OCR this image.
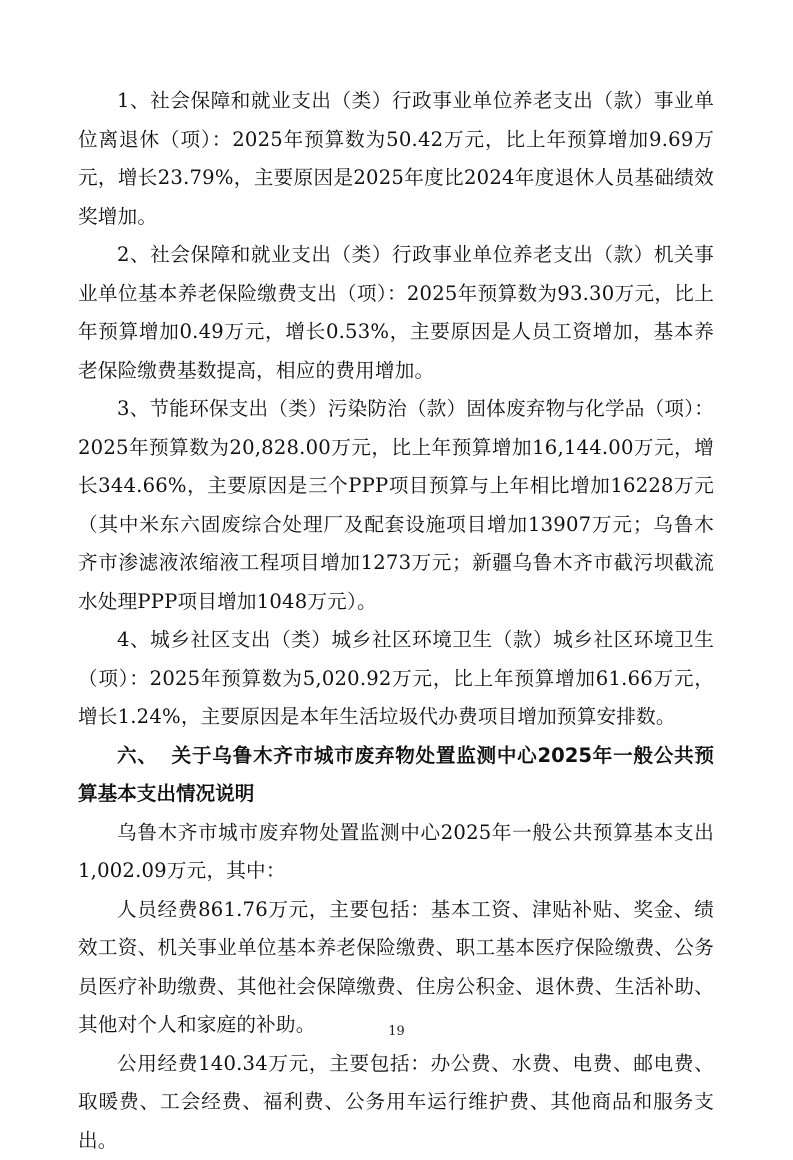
1、社会保障和就业支出（类）行政事业单位养老支出（款）事业单位离退休（项）：2025年预算数为50.42万元，比上年预算增加9.69万元，增长23.79%，主要原因是2025年度比2024年度退休人员基础绩效奖增加。

2、社会保障和就业支出（类）行政事业单位养老支出（款）机关事业单位基本养老保险缴费支出（项）：2025年预算数为93.30万元，比上年预算增加0.49万元，增长0.53%，主要原因是人员工资增加，基本养老保险缴费基数提高，相应的费用增加。

3、节能环保支出（类）污染防治（款）固体废弃物与化学品（项）：2025年预算数为20,828.00万元，比上年预算增加16,144.00万元，增长344.66%，主要原因是三个PPP项目预算与上年相比增加16228万元（其中米东六固废综合处理厂及配套设施项目增加13907万元；乌鲁木齐市渗滤液浓缩液工程项目增加1273万元；新疆乌鲁木齐市截污坝截流水处理PPP项目增加1048万元）。

4、城乡社区支出（类）城乡社区环境卫生（款）城乡社区环境卫生（项）：2025年预算数为5,020.92万元，比上年预算增加61.66万元，增长1.24%，主要原因是本年生活垃圾代办费项目增加预算安排数。

六、 关于乌鲁木齐市城市废弃物处置监测中心2025年一般公共预算基本支出情况说明

乌鲁木齐市城市废弃物处置监测中心2025年一般公共预算基本支出1,002.09万元，其中：

人员经费861.76万元，主要包括：基本工资、津贴补贴、奖金、绩效工资、机关事业单位基本养老保险缴费、职工基本医疗保险缴费、公务员医疗补助缴费、其他社会保障缴费、住房公积金、退休费、生活补助、其他对个人和家庭的补助。

公用经费140.34万元，主要包括：办公费、水费、电费、邮电费、取暖费、工会经费、福利费、公务用车运行维护费、其他商品和服务支出。

19
